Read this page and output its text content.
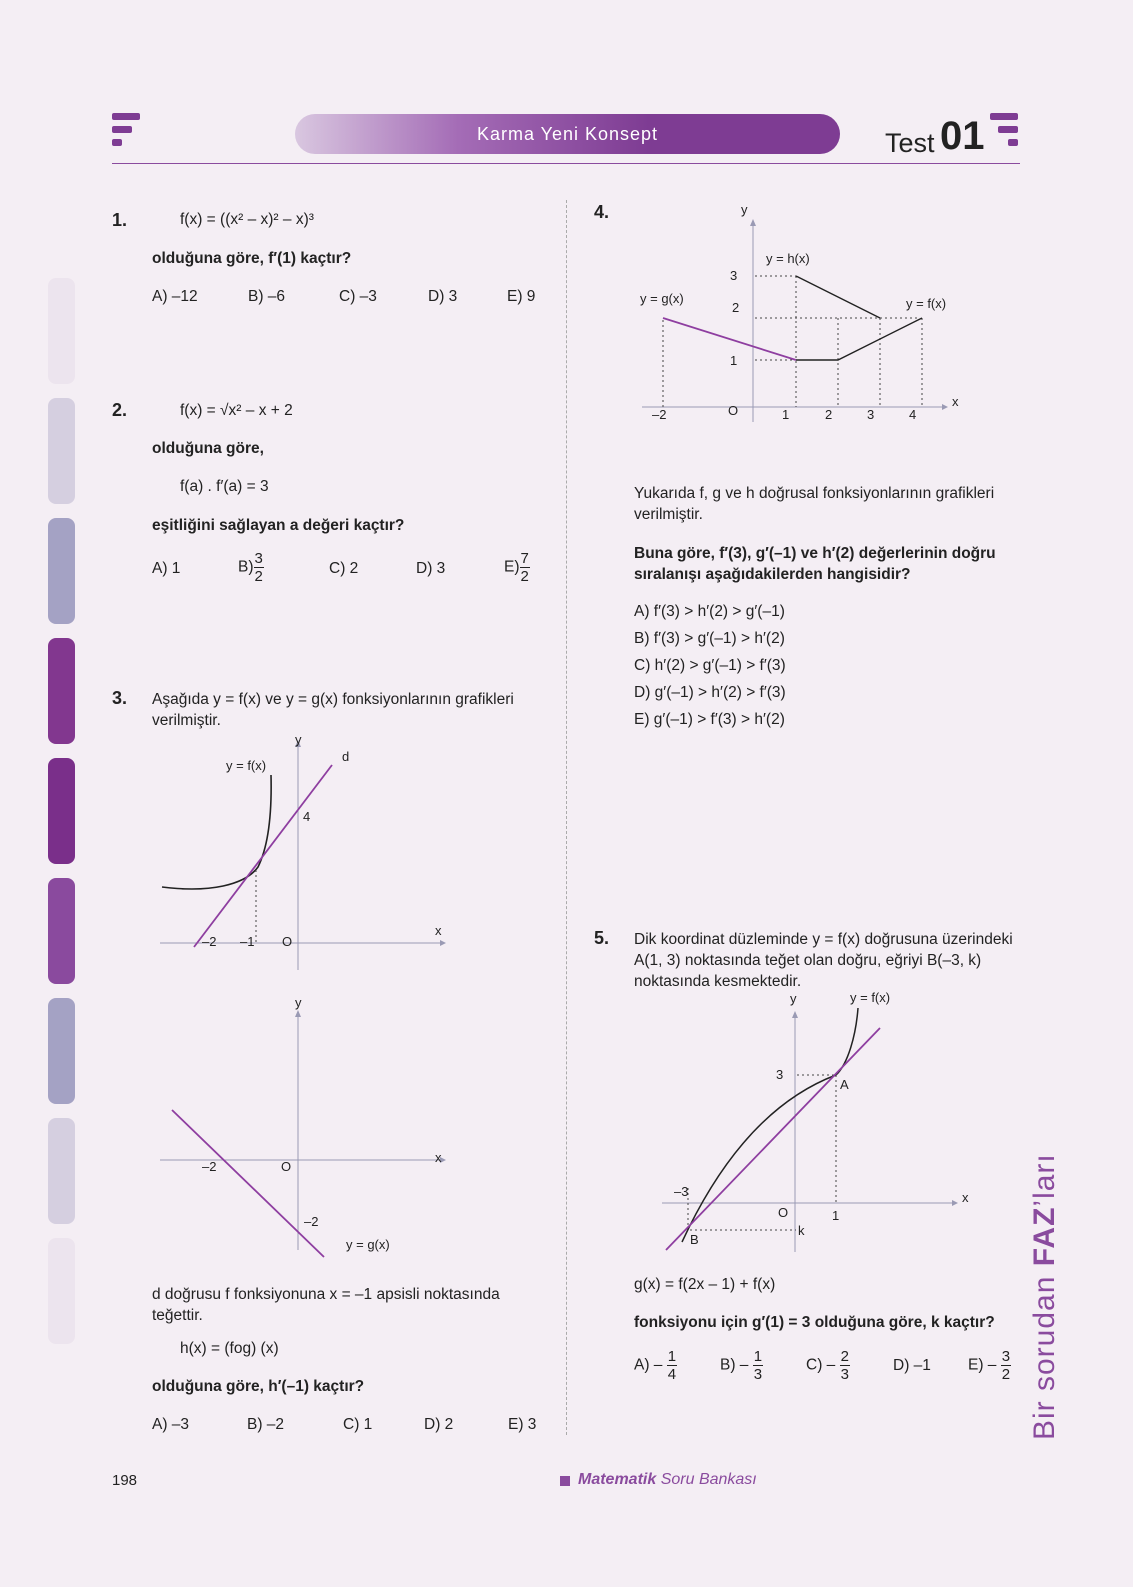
Karma Yeni Konsept	Test 01
Bir sorudan FAZ’ları
1.	f(x) = ((x² – x)² – x)³
olduğuna göre, f′(1) kaçtır?
A) –12	B) –6	C) –3	D) 3	E) 9
2.	f(x) = √x² – x + 2
olduğuna göre,
f(a) . f′(a) = 3
eşitliğini sağlayan a değeri kaçtır?
A) 1	$B) \frac{3}{2}$	C) 2	D) 3	$E) \frac{7}{2}$
3. Aşağıda y = f(x) ve y = g(x) fonksiyonlarının grafikleri verilmiştir.
y
x
y = f(x)
d
4
–2 –1 O
y
x
–2	O
–2
y = g(x)
d doğrusu f fonksiyonuna x = –1 apsisli noktasında teğettir.
h(x) = (fog) (x)
olduğuna göre, h′(–1) kaçtır?
A) –3	B) –2	C) 1	D) 2	E) 3
4.	y
x
y = h(x)
y = g(x)	y = f(x)
3
2
1
–2	O	1	2	3	4
Yukarıda f, g ve h doğrusal fonksiyonlarının grafikleri verilmiştir.
Buna göre, f′(3), g′(–1) ve h′(2) değerlerinin doğru sıralanışı aşağıdakilerden hangisidir?
A) f′(3) > h′(2) > g′(–1)
B) f′(3) > g′(–1) > h′(2)
C) h′(2) > g′(–1) > f′(3)
D) g′(–1) > h′(2) > f′(3)
E) g′(–1) > f′(3) > h′(2)
5. Dik koordinat düzleminde y = f(x) doğrusuna üzerindeki A(1, 3) noktasında teğet olan doğru, eğriyi B(–3, k) noktasında kesmektedir.
y
x
y = f(x)
3
A
–3
O	1
B
k
g(x) = f(2x – 1) + f(x)
fonksiyonu için g′(1) = 3 olduğuna göre, k kaçtır?
$A) - \frac{1}{4}$	$B) - \frac{1}{3}$	$C) - \frac{2}{3}$	D) –1 $E) - \frac{3}{2}$
198	Matematik Soru Bankası
